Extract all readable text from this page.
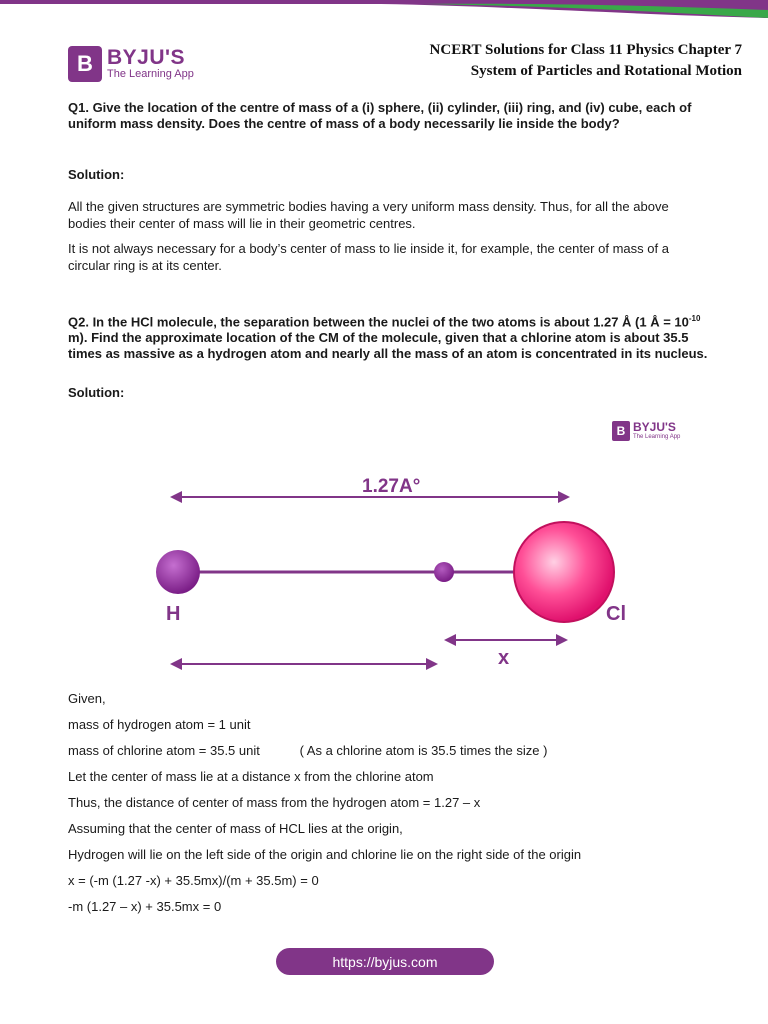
B BYJU'S
The Learning App
NCERT Solutions for Class 11 Physics Chapter 7
System of Particles and Rotational Motion
Q1. Give the location of the centre of mass of a (i) sphere, (ii) cylinder, (iii) ring, and (iv) cube, each of uniform mass density. Does the centre of mass of a body necessarily lie inside the body?
Solution:
All the given structures are symmetric bodies having a very uniform mass density. Thus, for all the above bodies their center of mass will lie in their geometric centres.
It is not always necessary for a body’s center of mass to lie inside it, for example, the center of mass of a circular ring is at its center.
Q2. In the HCl molecule, the separation between the nuclei of the two atoms is about 1.27 Å (1 Å = $10^{-10}$ m). Find the approximate location of the CM of the molecule, given that a chlorine atom is about 35.5 times as massive as a hydrogen atom and nearly all the mass of an atom is concentrated in its nucleus.
Solution:
B BYJU'S
The Learning App
1.27A°
H	Cl
x
Given,
mass of hydrogen atom = 1 unit
mass of chlorine atom = 35.5 unit           ( As a chlorine atom is 35.5 times the size )
Let the center of mass lie at a distance x from the chlorine atom
Thus, the distance of center of mass from the hydrogen atom = 1.27 – x
Assuming that the center of mass of HCL lies at the origin,
Hydrogen will lie on the left side of the origin and chlorine lie on the right side of the origin
x = (-m (1.27 -x) + 35.5mx)/(m + 35.5m) = 0
-m (1.27 – x) + 35.5mx = 0
https://byjus.com
